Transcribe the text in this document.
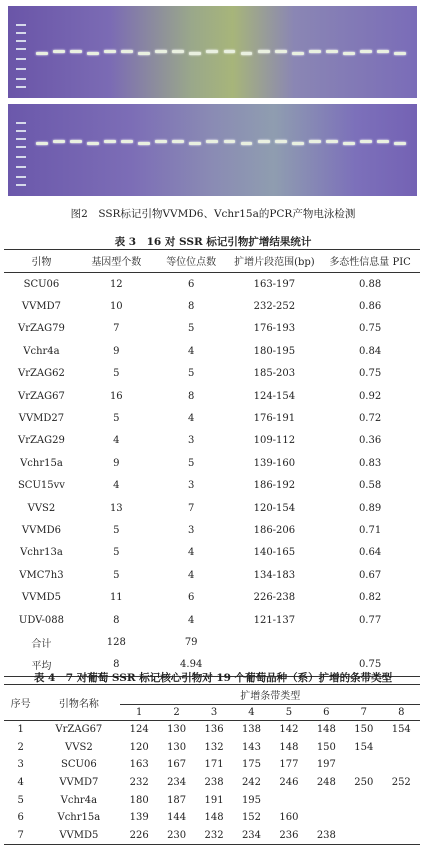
图2　SSR标记引物VVMD6、Vchr15a的PCR产物电泳检测
表 3　16 对 SSR 标记引物扩增结果统计
引物	基因型个数	等位位点数	扩增片段范围(bp)	多态性信息量 PIC
SCU06	12	6	163-197	0.88
VVMD7	10	8	232-252	0.86
VrZAG79	7	5	176-193	0.75
Vchr4a	9	4	180-195	0.84
VrZAG62	5	5	185-203	0.75
VrZAG67	16	8	124-154	0.92
VVMD27	5	4	176-191	0.72
VrZAG29	4	3	109-112	0.36
Vchr15a	9	5	139-160	0.83
SCU15vv	4	3	186-192	0.58
VVS2	13	7	120-154	0.89
VVMD6	5	3	186-206	0.71
Vchr13a	5	4	140-165	0.64
VMC7h3	5	4	134-183	0.67
VVMD5	11	6	226-238	0.82
UDV-088	8	4	121-137	0.77
合计	128	79		
平均	8	4.94		0.75
表 4　7 对葡萄 SSR 标记核心引物对 19 个葡萄品种（系）扩增的条带类型
序号	引物名称	扩增条带类型							
		1	2	3	4	5	6	7	8
1	VrZAG67	124	130	136	138	142	148	150	154
2	VVS2	120	130	132	143	148	150	154	
3	SCU06	163	167	171	175	177	197		
4	VVMD7	232	234	238	242	246	248	250	252
5	Vchr4a	180	187	191	195				
6	Vchr15a	139	144	148	152	160			
7	VVMD5	226	230	232	234	236	238		
